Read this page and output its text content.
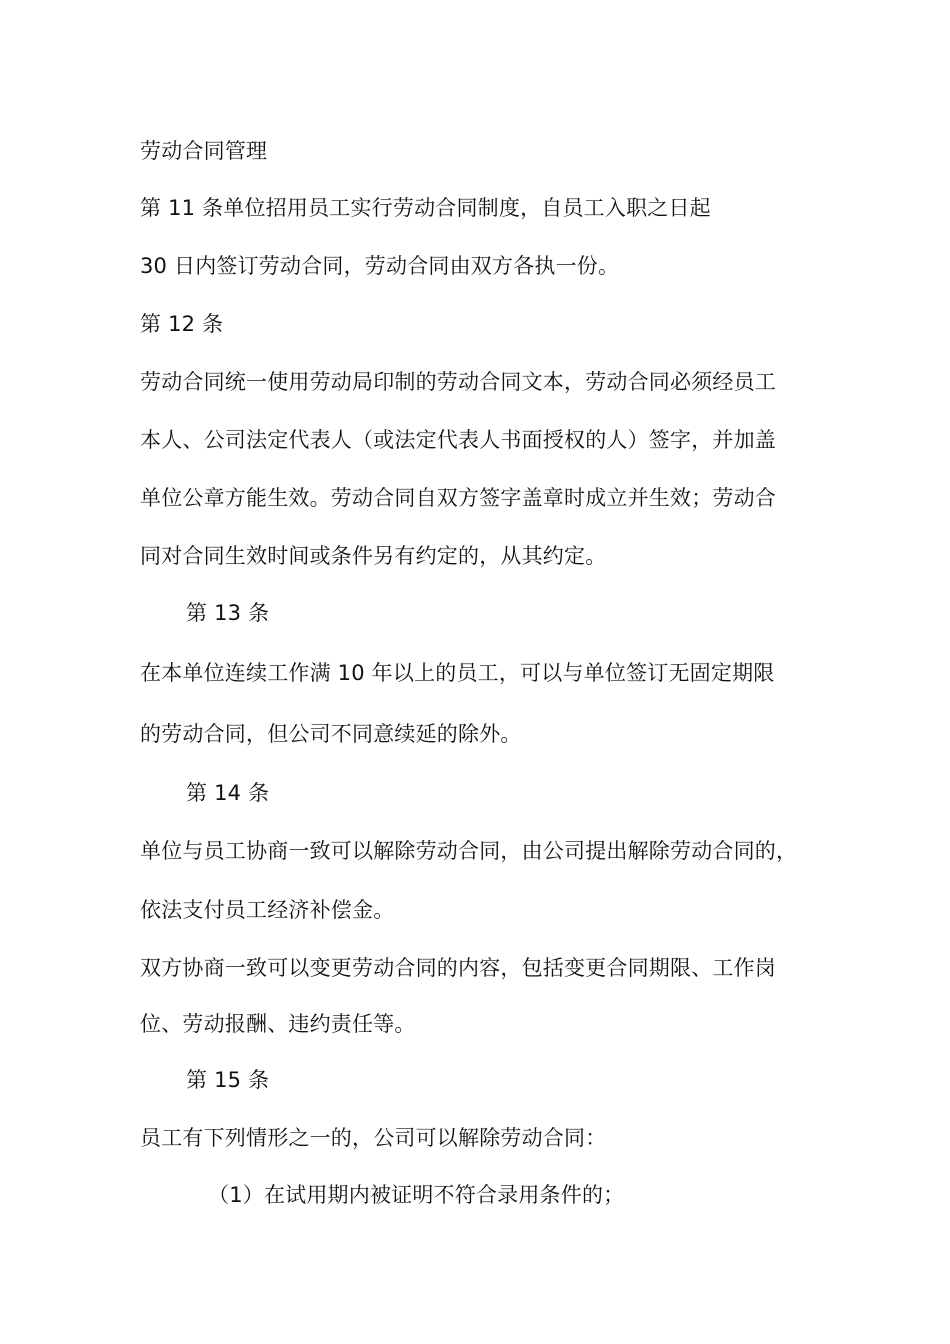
劳动合同管理
第 11 条单位招用员工实行劳动合同制度，自员工入职之日起
30 日内签订劳动合同，劳动合同由双方各执一份。
第 12 条
劳动合同统一使用劳动局印制的劳动合同文本，劳动合同必须经员工
本人、公司法定代表人（或法定代表人书面授权的人）签字，并加盖
单位公章方能生效。劳动合同自双方签字盖章时成立并生效；劳动合
同对合同生效时间或条件另有约定的，从其约定。
第 13 条
在本单位连续工作满 10 年以上的员工，可以与单位签订无固定期限
的劳动合同，但公司不同意续延的除外。
第 14 条
单位与员工协商一致可以解除劳动合同，由公司提出解除劳动合同的，
依法支付员工经济补偿金。
双方协商一致可以变更劳动合同的内容，包括变更合同期限、工作岗
位、劳动报酬、违约责任等。
第 15 条
员工有下列情形之一的，公司可以解除劳动合同：
（1）在试用期内被证明不符合录用条件的；
